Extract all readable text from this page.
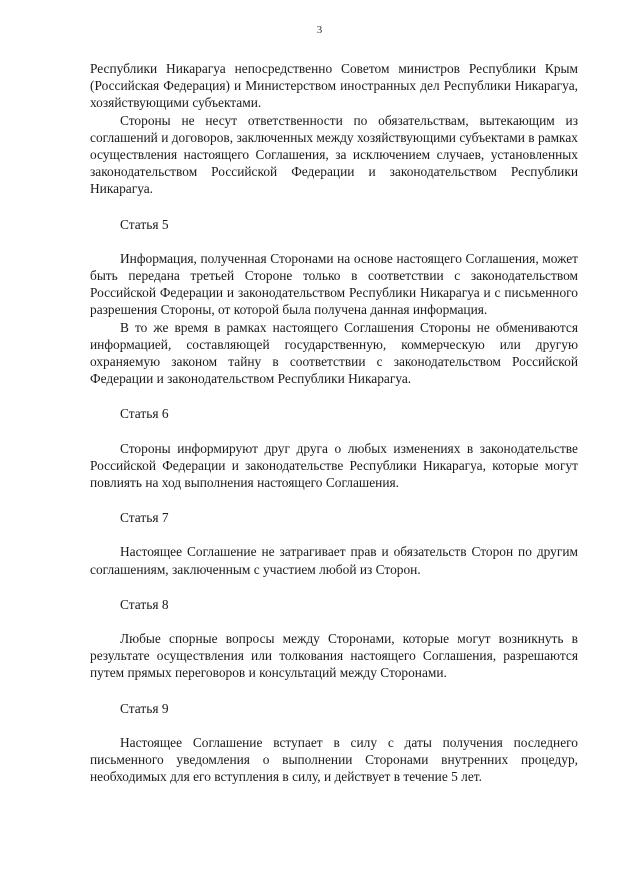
3

Республики Никарагуа непосредственно Советом министров Республики Крым (Российская Федерация) и Министерством иностранных дел Республики Никарагуа, хозяйствующими субъектами.

Стороны не несут ответственности по обязательствам, вытекающим из соглашений и договоров, заключенных между хозяйствующими субъектами в рамках осуществления настоящего Соглашения, за исключением случаев, установленных законодательством Российской Федерации и законодательством Республики Никарагуа.

Статья 5

Информация, полученная Сторонами на основе настоящего Соглашения, может быть передана третьей Стороне только в соответствии с законодательством Российской Федерации и законодательством Республики Никарагуа и с письменного разрешения Стороны, от которой была получена данная информация.

В то же время в рамках настоящего Соглашения Стороны не обмениваются информацией, составляющей государственную, коммерческую или другую охраняемую законом тайну в соответствии с законодательством Российской Федерации и законодательством Республики Никарагуа.

Статья 6

Стороны информируют друг друга о любых изменениях в законодательстве Российской Федерации и законодательстве Республики Никарагуа, которые могут повлиять на ход выполнения настоящего Соглашения.

Статья 7

Настоящее Соглашение не затрагивает прав и обязательств Сторон по другим соглашениям, заключенным с участием любой из Сторон.

Статья 8

Любые спорные вопросы между Сторонами, которые могут возникнуть в результате осуществления или толкования настоящего Соглашения, разрешаются путем прямых переговоров и консультаций между Сторонами.

Статья 9

Настоящее Соглашение вступает в силу с даты получения последнего письменного уведомления о выполнении Сторонами внутренних процедур, необходимых для его вступления в силу, и действует в течение 5 лет.
